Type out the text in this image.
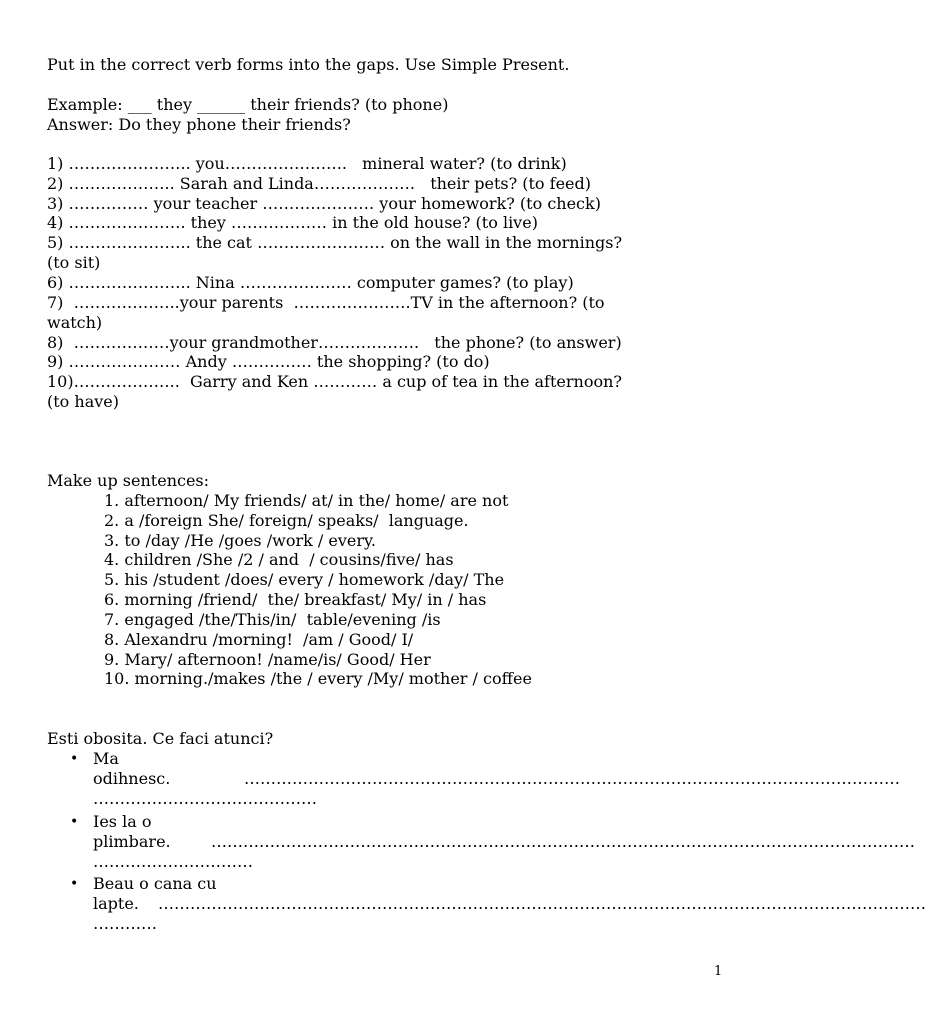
Put in the correct verb forms into the gaps. Use Simple Present.

Example: ___ they ______ their friends? (to phone)

Answer: Do they phone their friends?

1) ………………….. you…………………..   mineral water? (to drink)

2) ……………….. Sarah and Linda……………….   their pets? (to feed)

3) …………… your teacher ………………… your homework? (to check)

4) …………………. they ……………… in the old house? (to live)

5) ………………….. the cat …………………… on the wall in the mornings?

(to sit)

6) ………………….. Nina ………………… computer games? (to play)

7)  ………………..your parents  ………………….TV in the afternoon? (to

watch)

8)  ………………your grandmother……………….   the phone? (to answer)

9) ………………… Andy …………… the shopping? (to do)

10)………………..  Garry and Ken ………… a cup of tea in the afternoon?

(to have)

Make up sentences:

1. afternoon/ My friends/ at/ in the/ home/ are not

2. a /foreign She/ foreign/ speaks/  language.

3. to /day /He /goes /work / every.

4. children /She /2 / and  / cousins/five/ has

5. his /student /does/ every / homework /day/ The

6. morning /friend/  the/ breakfast/ My/ in / has

7. engaged /the/This/in/  table/evening /is

8. Alexandru /morning!  /am / Good/ I/

9. Mary/ afternoon! /name/is/ Good/ Her

10. morning./makes /the / every /My/ mother / coffee

Esti obosita. Ce faci atunci?

• Ma

odihnesc.	……………………………………………………………………………………………………………

……………………………………

• Ies la o

plimbare.	……………………………………………………………………………………………………………………

…………………………

• Beau o cana cu

lapte. ………………………………………………………………………………………………………………………………

…………

1
